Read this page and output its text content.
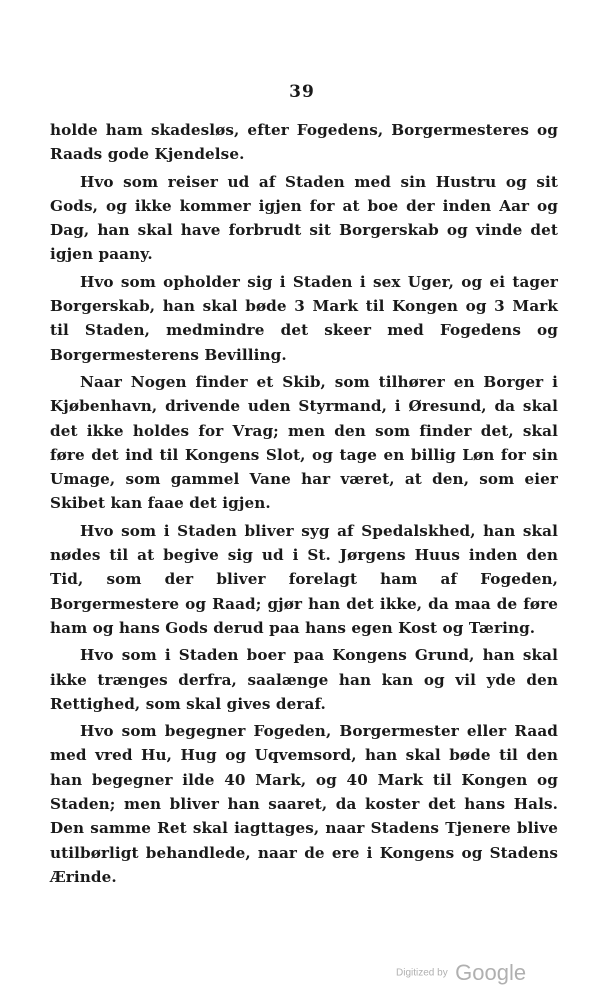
39

holde ham skadesløs, efter Fogedens, Borgermesteres og Raads gode Kjendelse.

Hvo som reiser ud af Staden med sin Hustru og sit Gods, og ikke kommer igjen for at boe der inden Aar og Dag, han skal have forbrudt sit Borgerskab og vinde det igjen paany.

Hvo som opholder sig i Staden i sex Uger, og ei tager Borgerskab, han skal bøde 3 Mark til Kongen og 3 Mark til Staden, medmindre det skeer med Fogedens og Borgermesterens Bevilling.

Naar Nogen finder et Skib, som tilhører en Borger i Kjøbenhavn, drivende uden Styrmand, i Øresund, da skal det ikke holdes for Vrag; men den som finder det, skal føre det ind til Kongens Slot, og tage en billig Løn for sin Umage, som gammel Vane har været, at den, som eier Skibet kan faae det igjen.

Hvo som i Staden bliver syg af Spedalskhed, han skal nødes til at begive sig ud i St. Jørgens Huus inden den Tid, som der bliver forelagt ham af Fogeden, Borgermestere og Raad; gjør han det ikke, da maa de føre ham og hans Gods derud paa hans egen Kost og Tæring.

Hvo som i Staden boer paa Kongens Grund, han skal ikke trænges derfra, saalænge han kan og vil yde den Rettighed, som skal gives deraf.

Hvo som begegner Fogeden, Borgermester eller Raad med vred Hu, Hug og Uqvemsord, han skal bøde til den han begegner ilde 40 Mark, og 40 Mark til Kongen og Staden; men bliver han saaret, da koster det hans Hals. Den samme Ret skal iagttages, naar Stadens Tjenere blive utilbørligt behandlede, naar de ere i Kongens og Stadens Ærinde.

Digitized by Google
